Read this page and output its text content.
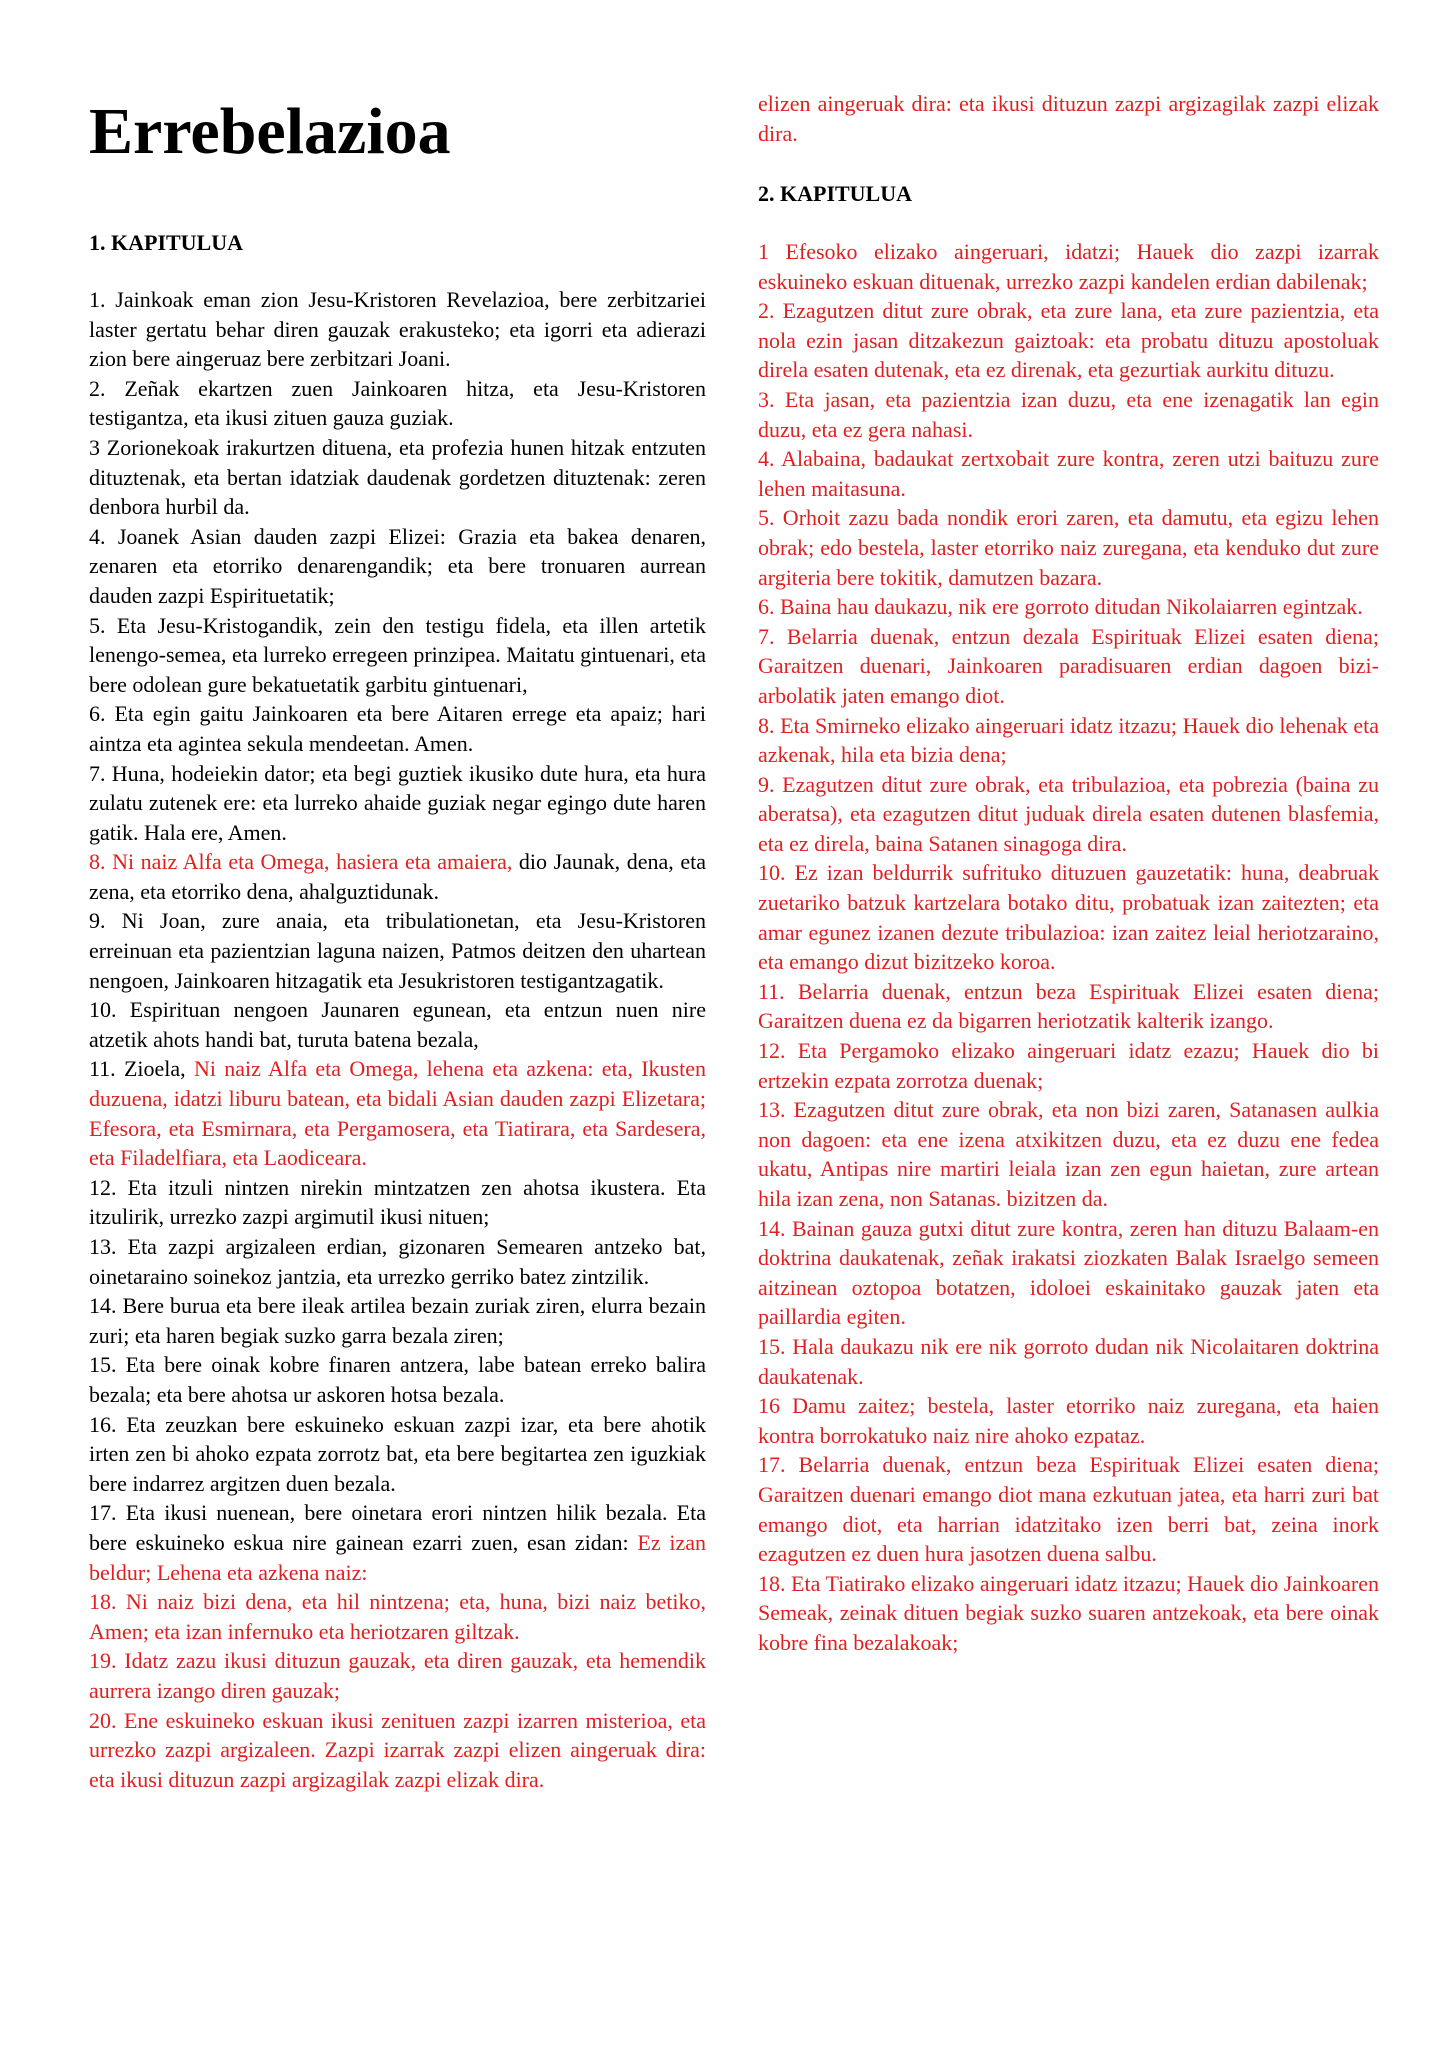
Errebelazioa
1. KAPITULUA

1. Jainkoak eman zion Jesu-Kristoren Revelazioa, bere zerbitzariei laster gertatu behar diren gauzak erakusteko; eta igorri eta adierazi zion bere aingeruaz bere zerbitzari Joani.

2. Zeñak ekartzen zuen Jainkoaren hitza, eta Jesu-Kristoren testigantza, eta ikusi zituen gauza guziak.

3 Zorionekoak irakurtzen dituena, eta profezia hunen hitzak entzuten dituztenak, eta bertan idatziak daudenak gordetzen dituztenak: zeren denbora hurbil da.

4. Joanek Asian dauden zazpi Elizei: Grazia eta bakea denaren, zenaren eta etorriko denarengandik; eta bere tronuaren aurrean dauden zazpi Espirituetatik;

5. Eta Jesu-Kristogandik, zein den testigu fidela, eta illen artetik lenengo-semea, eta lurreko erregeen prinzipea. Maitatu gintuenari, eta bere odolean gure bekatuetatik garbitu gintuenari,

6. Eta egin gaitu Jainkoaren eta bere Aitaren errege eta apaiz; hari aintza eta agintea sekula mendeetan. Amen.

7. Huna, hodeiekin dator; eta begi guztiek ikusiko dute hura, eta hura zulatu zutenek ere: eta lurreko ahaide guziak negar egingo dute haren gatik. Hala ere, Amen.

8. Ni naiz Alfa eta Omega, hasiera eta amaiera, dio Jaunak, dena, eta zena, eta etorriko dena, ahalguztidunak.

9. Ni Joan, zure anaia, eta tribulationetan, eta Jesu-Kristoren erreinuan eta pazientzian laguna naizen, Patmos deitzen den uhartean nengoen, Jainkoaren hitzagatik eta Jesukristoren testigantzagatik.

10. Espirituan nengoen Jaunaren egunean, eta entzun nuen nire atzetik ahots handi bat, turuta batena bezala,

11. Zioela, Ni naiz Alfa eta Omega, lehena eta azkena: eta, Ikusten duzuena, idatzi liburu batean, eta bidali Asian dauden zazpi Elizetara; Efesora, eta Esmirnara, eta Pergamosera, eta Tiatirara, eta Sardesera, eta Filadelfiara, eta Laodiceara.

12. Eta itzuli nintzen nirekin mintzatzen zen ahotsa ikustera. Eta itzulirik, urrezko zazpi argimutil ikusi nituen;

13. Eta zazpi argizaleen erdian, gizonaren Semearen antzeko bat, oinetaraino soinekoz jantzia, eta urrezko gerriko batez zintzilik.

14. Bere burua eta bere ileak artilea bezain zuriak ziren, elurra bezain zuri; eta haren begiak suzko garra bezala ziren;

15. Eta bere oinak kobre finaren antzera, labe batean erreko balira bezala; eta bere ahotsa ur askoren hotsa bezala.

16. Eta zeuzkan bere eskuineko eskuan zazpi izar, eta bere ahotik irten zen bi ahoko ezpata zorrotz bat, eta bere begitartea zen iguzkiak bere indarrez argitzen duen bezala.

17. Eta ikusi nuenean, bere oinetara erori nintzen hilik bezala. Eta bere eskuineko eskua nire gainean ezarri zuen, esan zidan: Ez izan beldur; Lehena eta azkena naiz:

18. Ni naiz bizi dena, eta hil nintzena; eta, huna, bizi naiz betiko, Amen; eta izan infernuko eta heriotzaren giltzak.

19. Idatz zazu ikusi dituzun gauzak, eta diren gauzak, eta hemendik aurrera izango diren gauzak;

20. Ene eskuineko eskuan ikusi zenituen zazpi izarren misterioa, eta urrezko zazpi argizaleen. Zazpi izarrak zazpi elizen aingeruak dira: eta ikusi dituzun zazpi argizagilak zazpi elizak dira.

elizen aingeruak dira: eta ikusi dituzun zazpi argizagilak zazpi elizak dira.

2. KAPITULUA

1 Efesoko elizako aingeruari, idatzi; Hauek dio zazpi izarrak eskuineko eskuan dituenak, urrezko zazpi kandelen erdian dabilenak;

2. Ezagutzen ditut zure obrak, eta zure lana, eta zure pazientzia, eta nola ezin jasan ditzakezun gaiztoak: eta probatu dituzu apostoluak direla esaten dutenak, eta ez direnak, eta gezurtiak aurkitu dituzu.

3. Eta jasan, eta pazientzia izan duzu, eta ene izenagatik lan egin duzu, eta ez gera nahasi.

4. Alabaina, badaukat zertxobait zure kontra, zeren utzi baituzu zure lehen maitasuna.

5. Orhoit zazu bada nondik erori zaren, eta damutu, eta egizu lehen obrak; edo bestela, laster etorriko naiz zuregana, eta kenduko dut zure argiteria bere tokitik, damutzen bazara.

6. Baina hau daukazu, nik ere gorroto ditudan Nikolaiarren egintzak.

7. Belarria duenak, entzun dezala Espirituak Elizei esaten diena; Garaitzen duenari, Jainkoaren paradisuaren erdian dagoen bizi-arbolatik jaten emango diot.

8. Eta Smirneko elizako aingeruari idatz itzazu; Hauek dio lehenak eta azkenak, hila eta bizia dena;

9. Ezagutzen ditut zure obrak, eta tribulazioa, eta pobrezia (baina zu aberatsa), eta ezagutzen ditut juduak direla esaten dutenen blasfemia, eta ez direla, baina Satanen sinagoga dira.

10. Ez izan beldurrik sufrituko dituzuen gauzetatik: huna, deabruak zuetariko batzuk kartzelara botako ditu, probatuak izan zaitezten; eta amar egunez izanen dezute tribulazioa: izan zaitez leial heriotzaraino, eta emango dizut bizitzeko koroa.

11. Belarria duenak, entzun beza Espirituak Elizei esaten diena; Garaitzen duena ez da bigarren heriotzatik kalterik izango.

12. Eta Pergamoko elizako aingeruari idatz ezazu; Hauek dio bi ertzekin ezpata zorrotza duenak;

13. Ezagutzen ditut zure obrak, eta non bizi zaren, Satanasen aulkia non dagoen: eta ene izena atxikitzen duzu, eta ez duzu ene fedea ukatu, Antipas nire martiri leiala izan zen egun haietan, zure artean hila izan zena, non Satanas. bizitzen da.

14. Bainan gauza gutxi ditut zure kontra, zeren han dituzu Balaam-en doktrina daukatenak, zeñak irakatsi ziozkaten Balak Israelgo semeen aitzinean oztopoa botatzen, idoloei eskainitako gauzak jaten eta paillardia egiten.

15. Hala daukazu nik ere nik gorroto dudan nik Nicolaitaren doktrina daukatenak.

16 Damu zaitez; bestela, laster etorriko naiz zuregana, eta haien kontra borrokatuko naiz nire ahoko ezpataz.

17. Belarria duenak, entzun beza Espirituak Elizei esaten diena; Garaitzen duenari emango diot mana ezkutuan jatea, eta harri zuri bat emango diot, eta harrian idatzitako izen berri bat, zeina inork ezagutzen ez duen hura jasotzen duena salbu.

18. Eta Tiatirako elizako aingeruari idatz itzazu; Hauek dio Jainkoaren Semeak, zeinak dituen begiak suzko suaren antzekoak, eta bere oinak kobre fina bezalakoak;
